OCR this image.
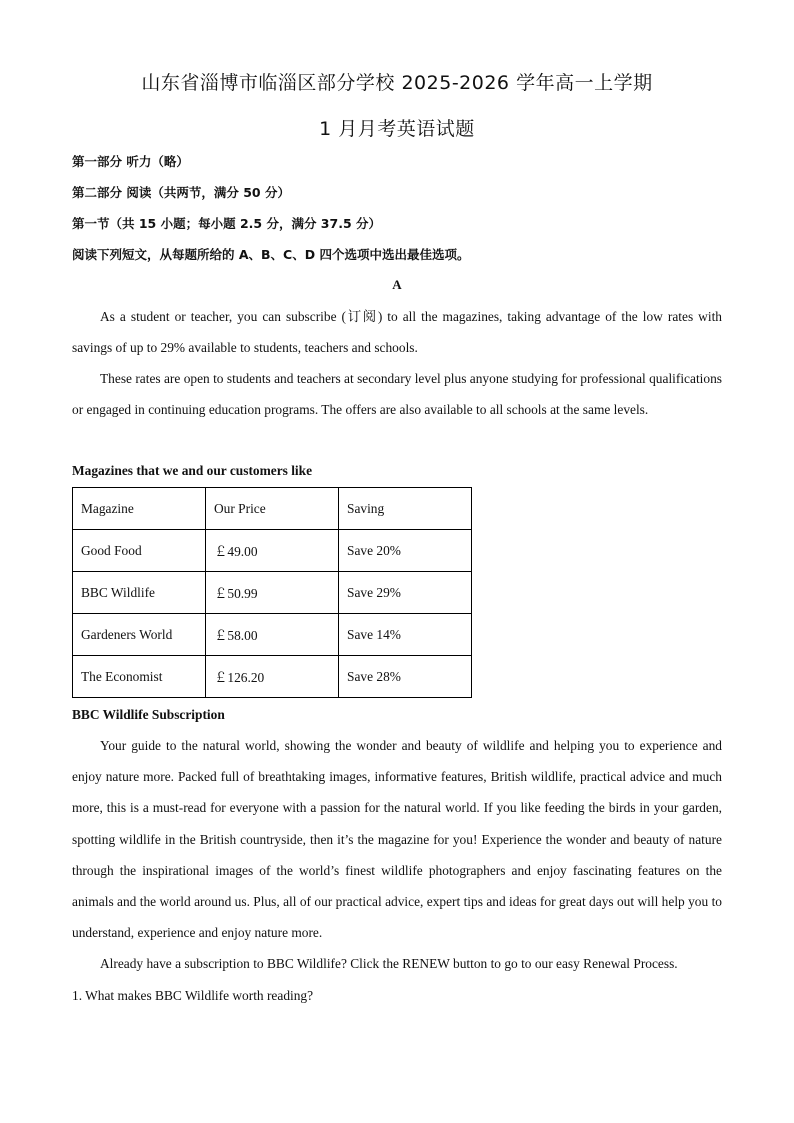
山东省淄博市临淄区部分学校 2025-2026 学年高一上学期
1 月月考英语试题
第一部分 听力（略）
第二部分 阅读（共两节，满分 50 分）
第一节（共 15 小题；每小题 2.5 分，满分 37.5 分）
阅读下列短文，从每题所给的 A、B、C、D 四个选项中选出最佳选项。
A
As a student or teacher, you can subscribe (订阅) to all the magazines, taking advantage of the low rates with savings of up to 29% available to students, teachers and schools.
These rates are open to students and teachers at secondary level plus anyone studying for professional qualifications or engaged in continuing education programs. The offers are also available to all schools at the same levels.
Magazines that we and our customers like
Magazine	Our Price	Saving
Good Food	￡49.00	Save 20%
BBC Wildlife	￡50.99	Save 29%
Gardeners World	￡58.00	Save 14%
The Economist	￡126.20	Save 28%
BBC Wildlife Subscription
Your guide to the natural world, showing the wonder and beauty of wildlife and helping you to experience and enjoy nature more. Packed full of breathtaking images, informative features, British wildlife, practical advice and much more, this is a must-read for everyone with a passion for the natural world. If you like feeding the birds in your garden, spotting wildlife in the British countryside, then it’s the magazine for you! Experience the wonder and beauty of nature through the inspirational images of the world’s finest wildlife photographers and enjoy fascinating features on the animals and the world around us. Plus, all of our practical advice, expert tips and ideas for great days out will help you to understand, experience and enjoy nature more.
Already have a subscription to BBC Wildlife? Click the RENEW button to go to our easy Renewal Process.
1. What makes BBC Wildlife worth reading?
